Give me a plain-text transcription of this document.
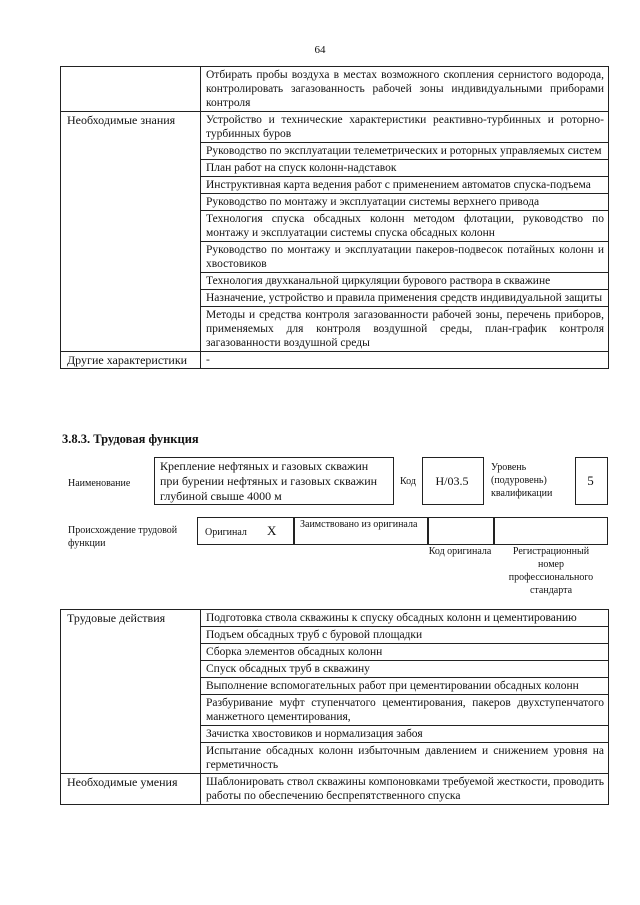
64
	Отбирать пробы воздуха в местах возможного скопления сернистого водорода, контролировать загазованность рабочей зоны индивидуальными приборами контроля
Необходимые знания	Устройство и технические характеристики реактивно-турбинных и роторно-турбинных буров
	Руководство по эксплуатации телеметрических и роторных управляемых систем
	План работ на спуск колонн-надставок
	Инструктивная карта ведения работ с применением автоматов спуска-подъема
	Руководство по монтажу и эксплуатации системы верхнего привода
	Технология спуска обсадных колонн методом флотации, руководство по монтажу и эксплуатации системы спуска обсадных колонн
	Руководство по монтажу и эксплуатации пакеров-подвесок потайных колонн и хвостовиков
	Технология двухканальной циркуляции бурового раствора в скважине
	Назначение, устройство и правила применения средств индивидуальной защиты
	Методы и средства контроля загазованности рабочей зоны, перечень приборов, применяемых для контроля воздушной среды, план-график контроля загазованности воздушной среды
Другие характеристики	-
3.8.3. Трудовая функция
Наименование
Крепление нефтяных и газовых скважин при бурении нефтяных и газовых скважин глубиной свыше 4000 м
Код	H/03.5
Уровень (подуровень) квалификации
5
Происхождение трудовой функции
Оригинал X Заимствовано из оригинала
Код оригинала	Регистрационный номер профессионального стандарта
Трудовые действия	Подготовка ствола скважины к спуску обсадных колонн и цементированию
	Подъем обсадных труб с буровой площадки
	Сборка элементов обсадных колонн
	Спуск обсадных труб в скважину
	Выполнение вспомогательных работ при цементировании обсадных колонн
	Разбуривание муфт ступенчатого цементирования, пакеров двухступенчатого манжетного цементирования,
	Зачистка хвостовиков и нормализация забоя
	Испытание обсадных колонн избыточным давлением и снижением уровня на герметичность
Необходимые умения	Шаблонировать ствол скважины компоновками требуемой жесткости, проводить работы по обеспечению беспрепятственного спуска
